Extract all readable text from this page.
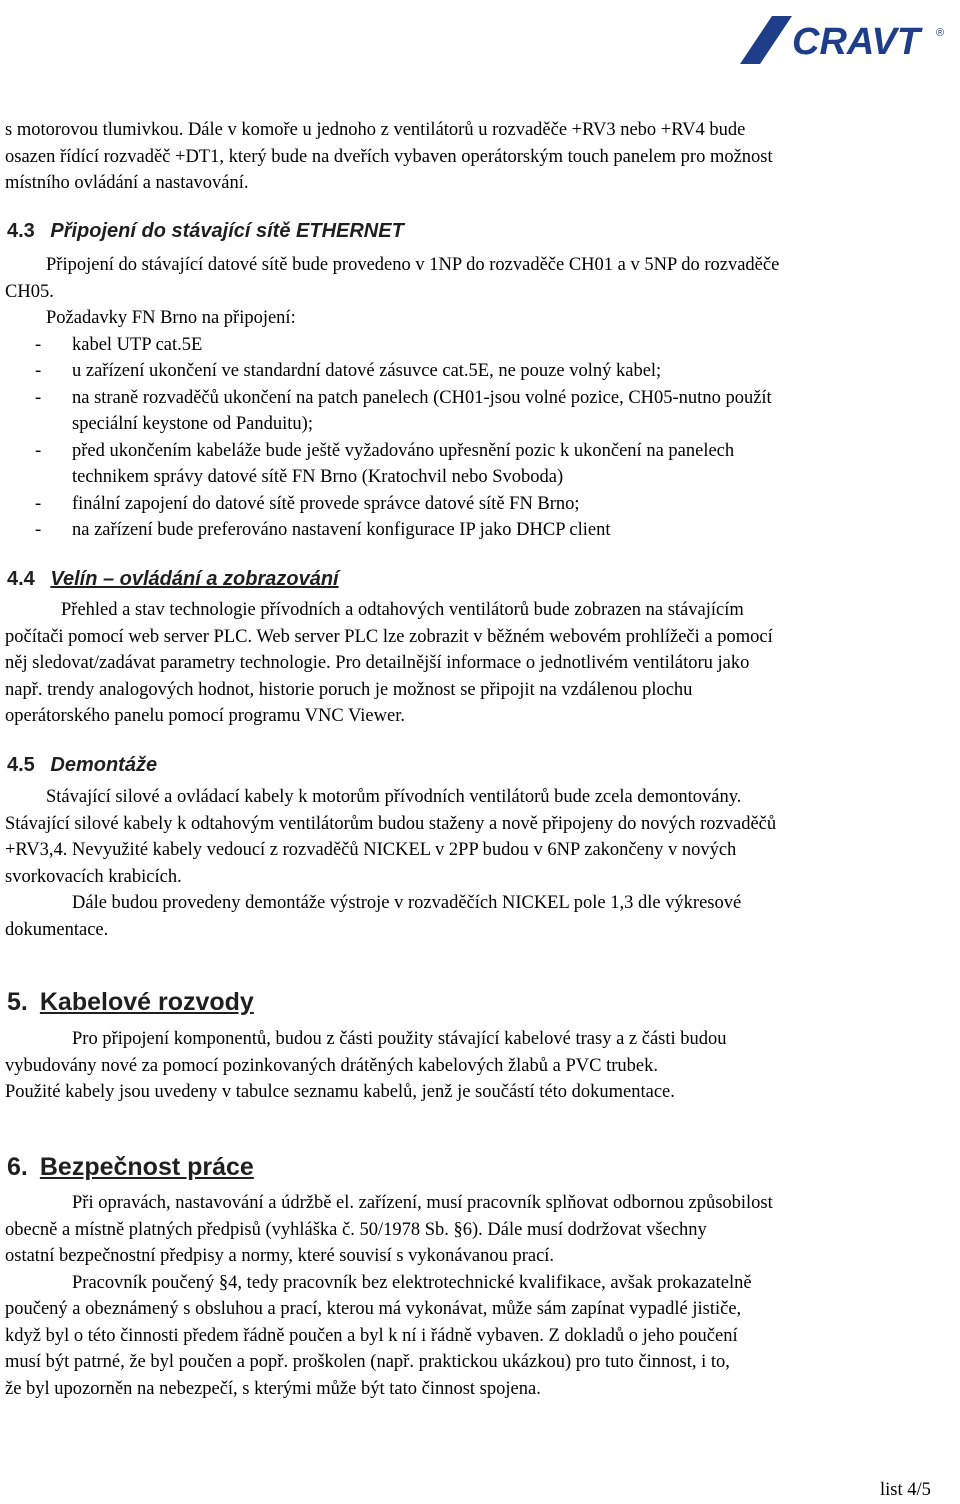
CRAVT ®

s motorovou tlumivkou. Dále v komoře u jednoho z ventilátorů u rozvaděče +RV3 nebo +RV4 bude

osazen řídící rozvaděč +DT1, který bude na dveřích vybaven operátorským touch panelem pro možnost

místního ovládání a nastavování.

4.3 Připojení do stávající sítě ETHERNET

Připojení do stávající datové sítě bude provedeno v 1NP do rozvaděče CH01 a v 5NP do rozvaděče

CH05.

Požadavky FN Brno na připojení:

- kabel UTP cat.5E
- u zařízení ukončení ve standardní datové zásuvce cat.5E, ne pouze volný kabel;
- na straně rozvaděčů ukončení na patch panelech (CH01-jsou volné pozice, CH05-nutno použít
speciální keystone od Panduitu);
- před ukončením kabeláže bude ještě vyžadováno upřesnění pozic k ukončení na panelech
technikem správy datové sítě FN Brno (Kratochvil nebo Svoboda)
- finální zapojení do datové sítě provede správce datové sítě FN Brno;
- na zařízení bude preferováno nastavení konfigurace IP jako DHCP client
4.4 Velín – ovládání a zobrazování

Přehled a stav technologie přívodních a odtahových ventilátorů bude zobrazen na stávajícím

počítači pomocí web server PLC. Web server PLC lze zobrazit v běžném webovém prohlížeči a pomocí

něj sledovat/zadávat parametry technologie. Pro detailnější informace o jednotlivém ventilátoru jako

např. trendy analogových hodnot, historie poruch je možnost se připojit na vzdálenou plochu

operátorského panelu pomocí programu VNC Viewer.

4.5 Demontáže

Stávající silové a ovládací kabely k motorům přívodních ventilátorů bude zcela demontovány.

Stávající silové kabely k odtahovým ventilátorům budou staženy a nově připojeny do nových rozvaděčů

+RV3,4. Nevyužité kabely vedoucí z rozvaděčů NICKEL v 2PP budou v 6NP zakončeny v nových

svorkovacích krabicích.

Dále budou provedeny demontáže výstroje v rozvaděčích NICKEL pole 1,3 dle výkresové

dokumentace.

5. Kabelové rozvody

Pro připojení komponentů, budou z části použity stávající kabelové trasy a z části budou

vybudovány nové za pomocí pozinkovaných drátěných kabelových žlabů a PVC trubek.

Použité kabely jsou uvedeny v tabulce seznamu kabelů, jenž je součástí této dokumentace.

6. Bezpečnost práce

Při opravách, nastavování a údržbě el. zařízení, musí pracovník splňovat odbornou způsobilost

obecně a místně platných předpisů (vyhláška č. 50/1978 Sb. §6). Dále musí dodržovat všechny

ostatní bezpečnostní předpisy a normy, které souvisí s vykonávanou prací.

Pracovník poučený §4, tedy pracovník bez elektrotechnické kvalifikace, avšak prokazatelně

poučený a obeznámený s obsluhou a prací, kterou má vykonávat, může sám zapínat vypadlé jističe,

když byl o této činnosti předem řádně poučen a byl k ní i řádně vybaven. Z dokladů o jeho poučení

musí být patrné, že byl poučen a popř. proškolen (např. praktickou ukázkou) pro tuto činnost, i to,

že byl upozorněn na nebezpečí, s kterými může být tato činnost spojena.

list 4/5
